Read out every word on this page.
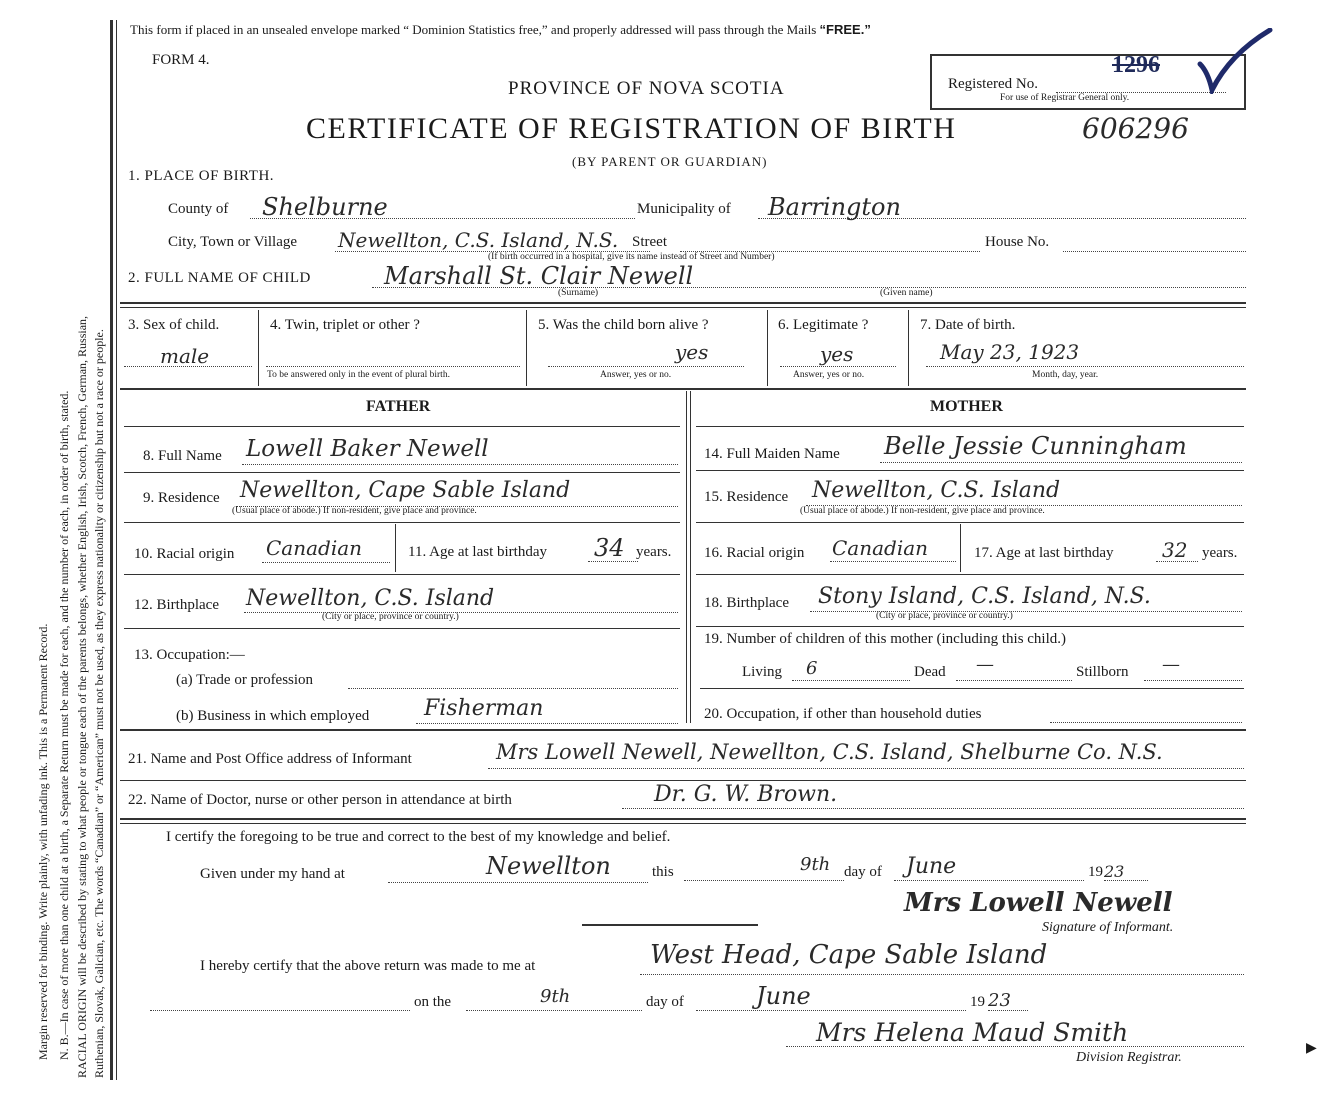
Margin reserved for binding. Write plainly, with unfading ink. This is a Permanent Record. N. B.—In case of more than one child at a birth, a Separate Return must be made for each, and the number of each, in order of birth, stated. RACIAL ORIGIN will be described by stating to what people or tongue each of the parents belongs, whether English, Irish, Scotch, French, German, Russian, Ruthenian, Slovak, Galician, etc. The words “Canadian” or “American” must not be used, as they express nationality or citizenship but not a race or people.
This form if placed in an unsealed envelope marked “ Dominion Statistics free,” and properly addressed will pass through the Mails “FREE.”
FORM 4.
PROVINCE OF NOVA SCOTIA
CERTIFICATE OF REGISTRATION OF BIRTH	606296
(BY PARENT OR GUARDIAN)
Registered No.
1296
For use of Registrar General only.
1. PLACE OF BIRTH.
County of Shelburne	Municipality of Barrington
City, Town or Village Newellton, C.S. Island, N.S. Street	House No.
(If birth occurred in a hospital, give its name instead of Street and Number)
2. FULL NAME OF CHILD	Marshall St. Clair Newell
(Surname)	(Given name)
3. Sex of child.
male
4. Twin, triplet or other ?
To be answered only in the event of plural birth.
5. Was the child born alive ?
yes
Answer, yes or no.
6. Legitimate ?
yes
Answer, yes or no.
7. Date of birth.
May 23, 1923
Month, day, year.
FATHER	MOTHER
8. Full Name Lowell Baker Newell
9. Residence Newellton, Cape Sable Island
(Usual place of abode.) If non-resident, give place and province.
10. Racial origin Canadian	11. Age at last birthday 34 years.
12. Birthplace Newellton, C.S. Island
(City or place, province or country.)
13. Occupation:—
(a) Trade or profession
(b) Business in which employed Fisherman
14. Full Maiden Name Belle Jessie Cunningham
15. Residence Newellton, C.S. Island
(Usual place of abode.) If non-resident, give place and province.
16. Racial origin Canadian	17. Age at last birthday 32 years.
18. Birthplace Stony Island, C.S. Island, N.S.
(City or place, province or country.)
19. Number of children of this mother (including this child.)
Living 6	Dead —	Stillborn —
20. Occupation, if other than household duties
21. Name and Post Office address of Informant	Mrs Lowell Newell, Newellton, C.S. Island, Shelburne Co. N.S.
22. Name of Doctor, nurse or other person in attendance at birth	Dr. G. W. Brown.
I certify the foregoing to be true and correct to the best of my knowledge and belief.
Given under my hand at	Newellton	this	9th day of June	19 23
Mrs Lowell Newell
Signature of Informant.
I hereby certify that the above return was made to me at	West Head, Cape Sable Island
on the	9th	day of	June	19 23
Mrs Helena Maud Smith
Division Registrar.
▶
